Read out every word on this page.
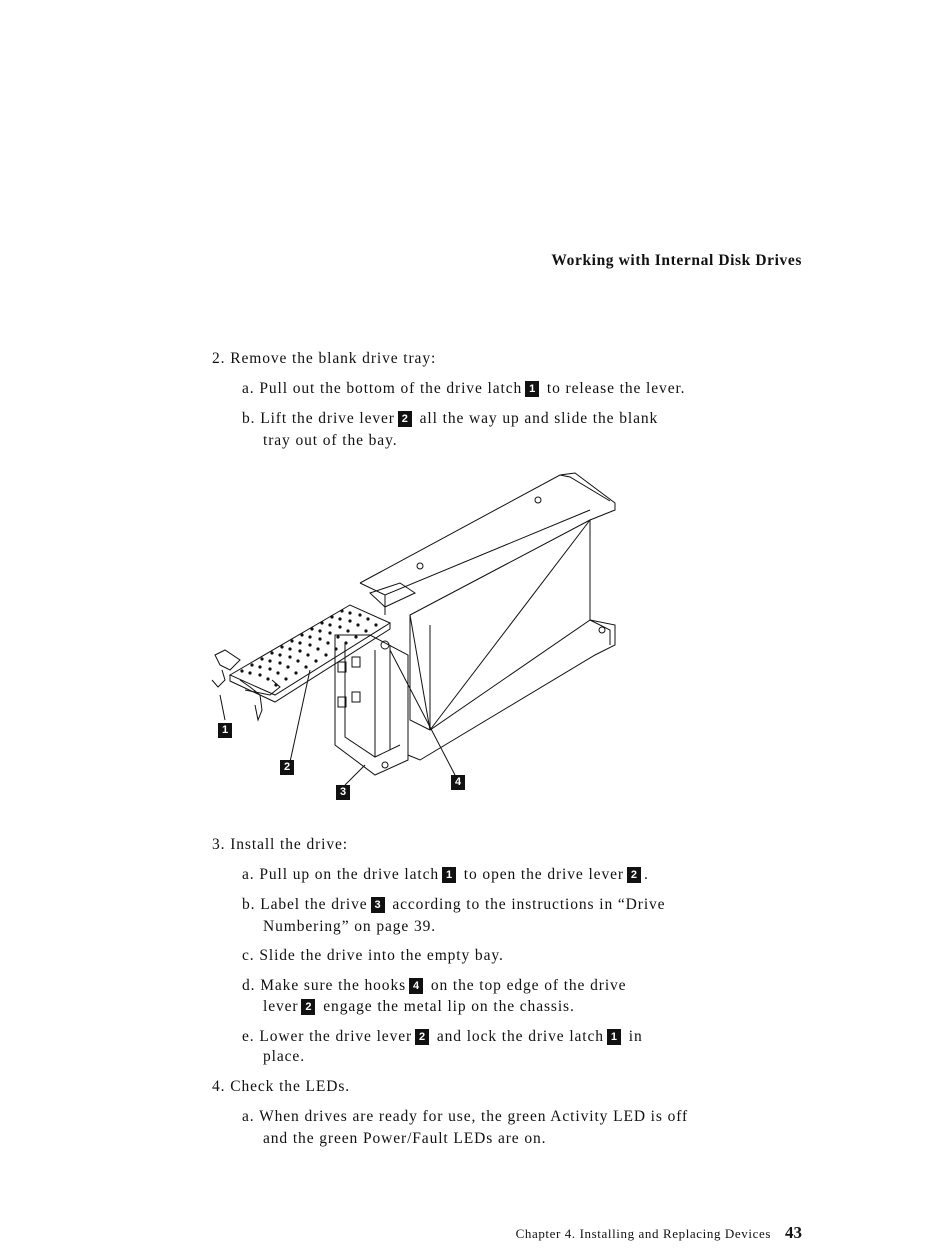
Working with Internal Disk Drives
2. Remove the blank drive tray:
a. Pull out the bottom of the drive latch 1 to release the lever.
b. Lift the drive lever 2 all the way up and slide the blank
tray out of the bay.
1
2
3
4
3. Install the drive:
a. Pull up on the drive latch 1 to open the drive lever 2 .
b. Label the drive 3 according to the instructions in “Drive
Numbering” on page 39.
c. Slide the drive into the empty bay.
d. Make sure the hooks 4 on the top edge of the drive
lever 2 engage the metal lip on the chassis.
e. Lower the drive lever 2 and lock the drive latch 1 in
place.
4. Check the LEDs.
a. When drives are ready for use, the green Activity LED is off
and the green Power/Fault LEDs are on.
Chapter 4. Installing and Replacing Devices 43
